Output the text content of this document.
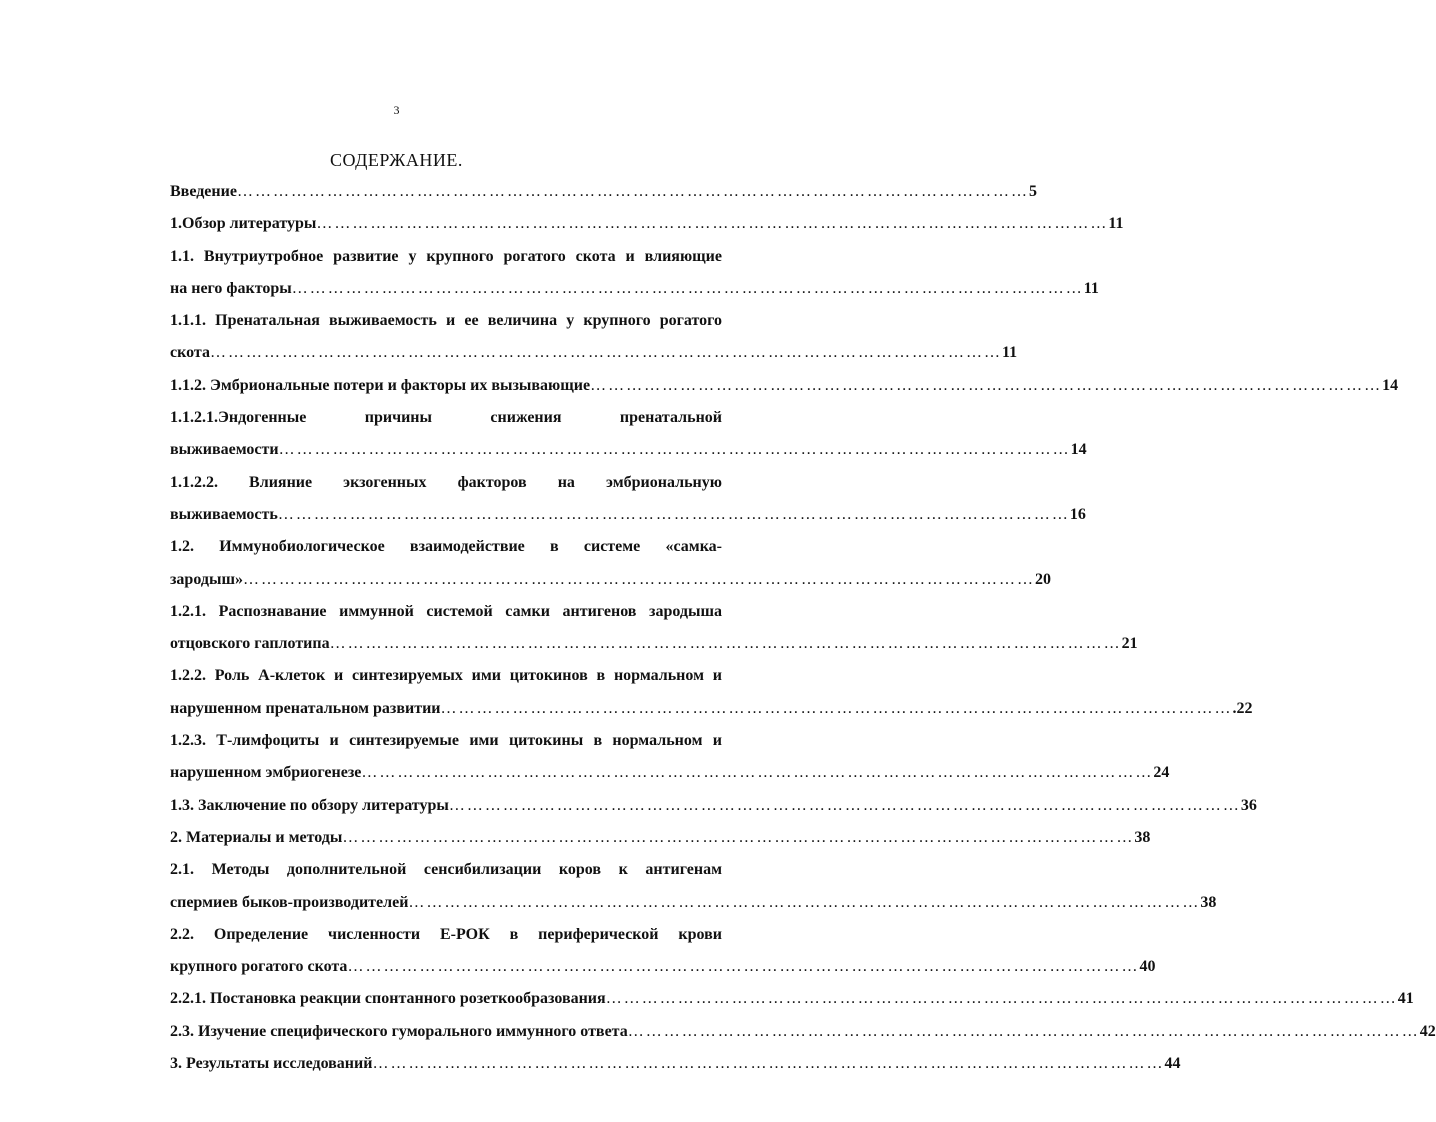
3
СОДЕРЖАНИЕ.
Введение ……………………………………………………………………………………………………………………	5
1.Обзор литературы ……………………………………………………………………………………………………………………	11
1.1. Внутриутробное развитие у крупного рогатого скота и влияющие
на него факторы ……………………………………………………………………………………………………………………	11
1.1.1. Пренатальная выживаемость и ее величина у крупного рогатого
скота ……………………………………………………………………………………………………………………	11
1.1.2. Эмбриональные потери и факторы их вызывающие ……………………………………………………………………………………………………………………	14
1.1.2.1.Эндогенные причины снижения пренатальной
выживаемости ……………………………………………………………………………………………………………………	14
1.1.2.2. Влияние экзогенных факторов на эмбриональную
выживаемость ……………………………………………………………………………………………………………………	16
1.2. Иммунобиологическое взаимодействие в системе «самка-
зародыш» ……………………………………………………………………………………………………………………	20
1.2.1. Распознавание иммунной системой самки антигенов зародыша
отцовского гаплотипа ……………………………………………………………………………………………………………………	21
1.2.2. Роль А-клеток и синтезируемых ими цитокинов в нормальном и
нарушенном пренатальном развитии ……………………………………………………………………………………………………………………	.22
1.2.3. Т-лимфоциты и синтезируемые ими цитокины в нормальном и
нарушенном эмбриогенезе ……………………………………………………………………………………………………………………	24
1.3. Заключение по обзору литературы ……………………………………………………………………………………………………………………	36
2. Материалы и методы ……………………………………………………………………………………………………………………	38
2.1. Методы дополнительной сенсибилизации коров к антигенам
спермиев быков-производителей ……………………………………………………………………………………………………………………	38
2.2. Определение численности Е-РОК в периферической крови
крупного рогатого скота ……………………………………………………………………………………………………………………	40
2.2.1. Постановка реакции спонтанного розеткообразования ……………………………………………………………………………………………………………………	41
2.3. Изучение специфического гуморального иммунного ответа ……………………………………………………………………………………………………………………	42
3. Результаты исследований ……………………………………………………………………………………………………………………	44
